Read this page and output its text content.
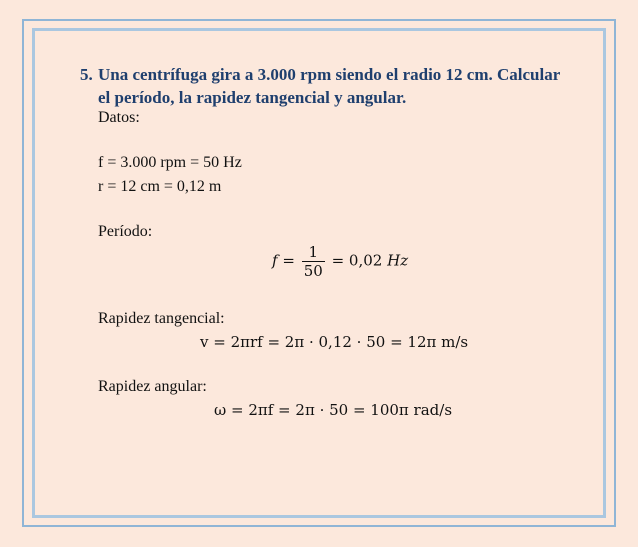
5. Una centrífuga gira a 3.000 rpm siendo el radio 12 cm. Calcular
el período, la rapidez tangencial y angular.
Datos:
f = 3.000 rpm = 50 Hz
r = 12 cm = 0,12 m
Período:
$f = \frac{1}{50} = 0,02$ Hz
Rapidez tangencial:
v = 2πrf = 2π · 0,12 · 50 = 12π m/s
Rapidez angular:
ω = 2πf = 2π · 50 = 100π rad/s
